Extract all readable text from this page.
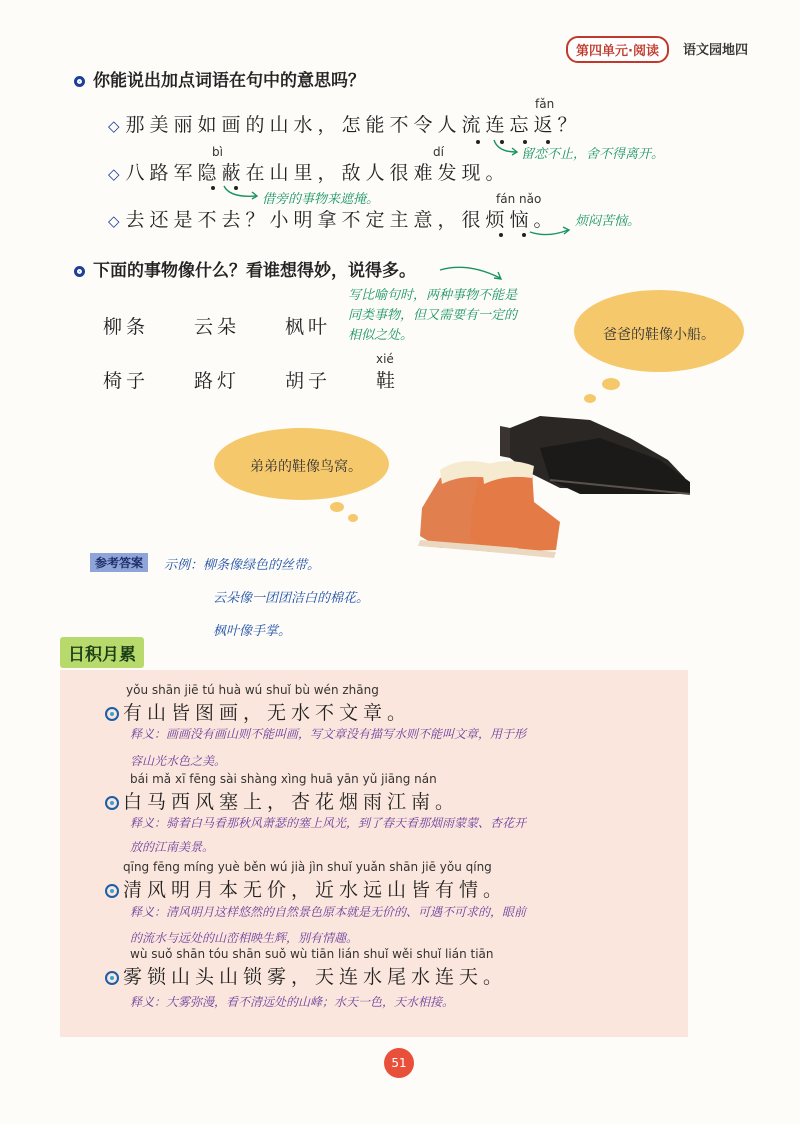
第四单元·阅读	语文园地四
你能说出加点词语在句中的意思吗？
fǎn
◇ 那美丽如画的山水，怎能不令人流连忘返？
留恋不止，舍不得离开。
bì	dí
◇ 八路军隐蔽在山里，敌人很难发现。
借旁的事物来遮掩。	fán nǎo
◇ 去还是不去？小明拿不定主意，很烦恼。 烦闷苦恼。
下面的事物像什么？看谁想得妙，说得多。
写比喻句时，两种事物不能是
同类事物，但又需要有一定的
相似之处。
柳条 云朵 枫叶
xié
椅子 路灯 胡子 鞋
爸爸的鞋像小船。
弟弟的鞋像鸟窝。
参考答案	示例：柳条像绿色的丝带。
云朵像一团团洁白的棉花。
枫叶像手掌。
日积月累
yǒu shān jiē tú huà wú shuǐ bù wén zhāng
有山皆图画，无水不文章。
释义：画画没有画山则不能叫画，写文章没有描写水则不能叫文章，用于形
容山光水色之美。
bái mǎ xī fēng sài shàng xìng huā yān yǔ jiāng nán
白马西风塞上，杏花烟雨江南。
释义：骑着白马看那秋风萧瑟的塞上风光，到了春天看那烟雨蒙蒙、杏花开
放的江南美景。
qīng fēng míng yuè běn wú jià jìn shuǐ yuǎn shān jiē yǒu qíng
清风明月本无价，近水远山皆有情。
释义：清风明月这样悠然的自然景色原本就是无价的、可遇不可求的，眼前
的流水与远处的山峦相映生辉，别有情趣。
wù suǒ shān tóu shān suǒ wù tiān lián shuǐ wěi shuǐ lián tiān
雾锁山头山锁雾，天连水尾水连天。
释义：大雾弥漫，看不清远处的山峰；水天一色，天水相接。
51
